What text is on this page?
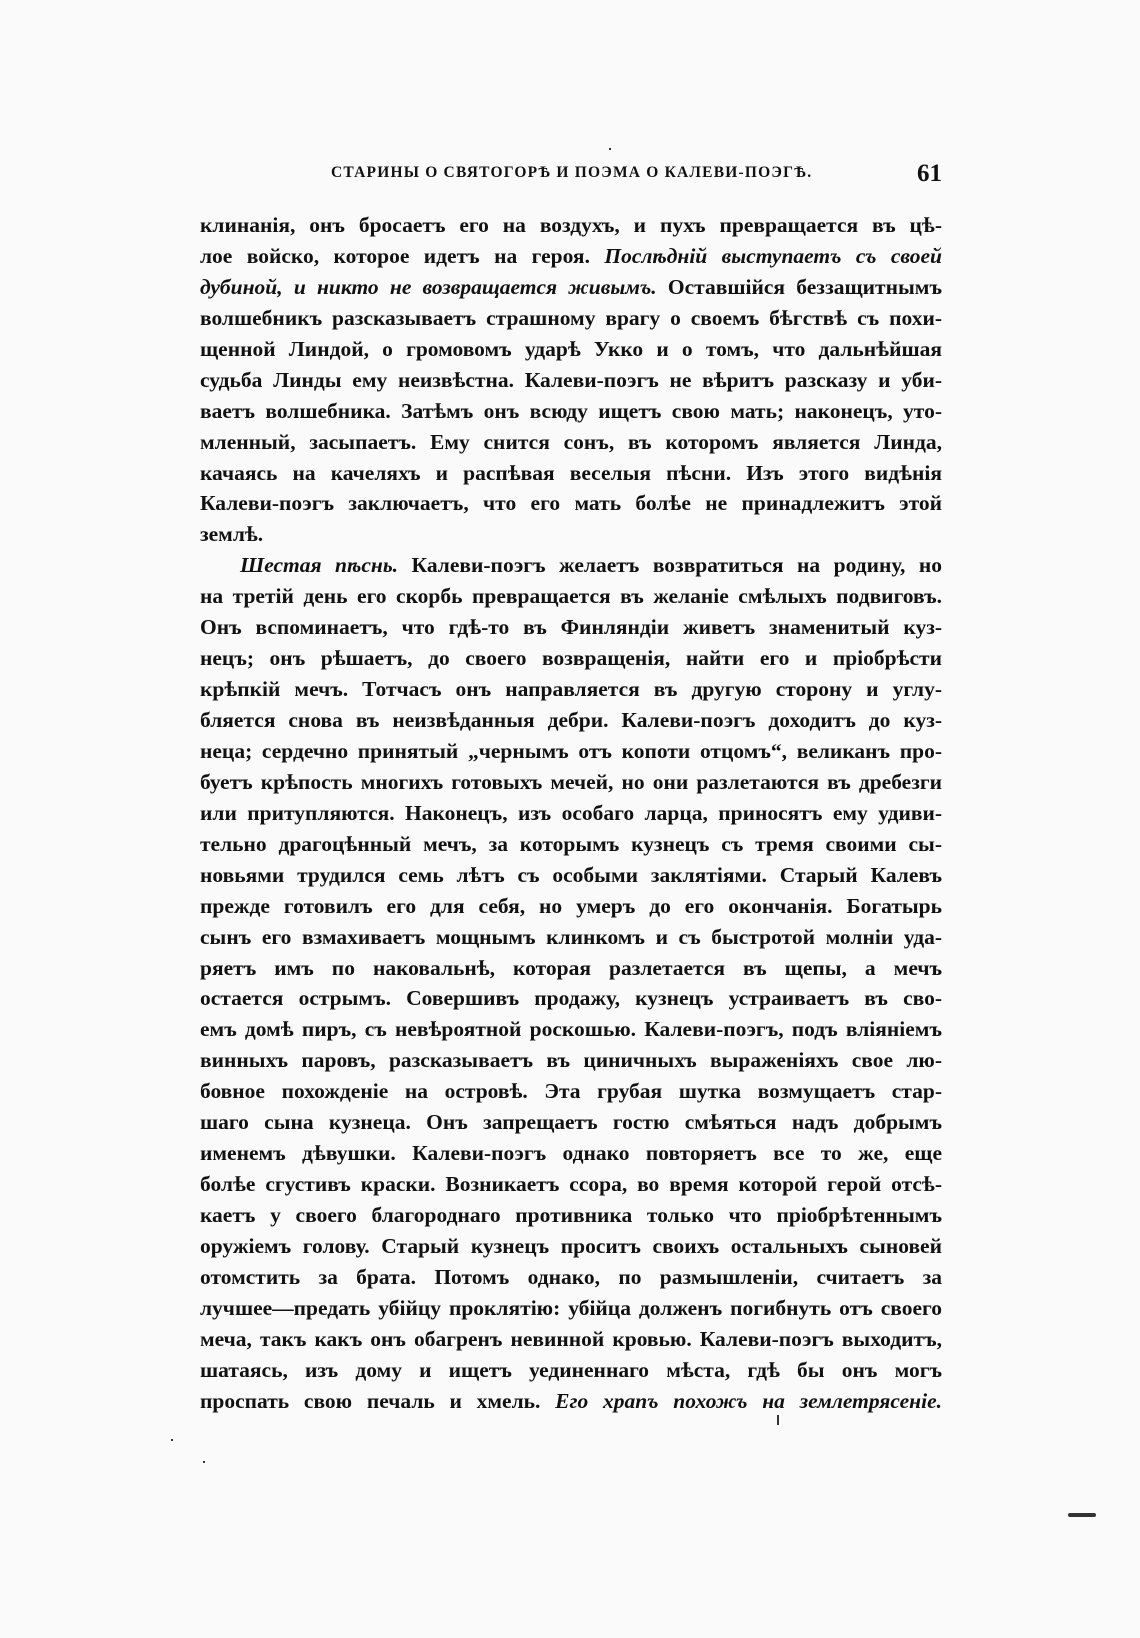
СТАРИНЫ О СВЯТОГОРѢ И ПОЭМА О КАЛЕВИ-ПОЭГѢ.	61
клинанія, онъ бросаетъ его на воздухъ, и пухъ превращается въ цѣ-
лое войско, которое идетъ на героя. Послѣдній выступаетъ съ своей
дубиной, и никто не возвращается живымъ. Оставшійся беззащитнымъ
волшебникъ разсказываетъ страшному врагу о своемъ бѣгствѣ съ похи-
щенной Линдой, о громовомъ ударѣ Укко и о томъ, что дальнѣйшая
судьба Линды ему неизвѣстна. Калеви-поэгъ не вѣритъ разсказу и уби-
ваетъ волшебника. Затѣмъ онъ всюду ищетъ свою мать; наконецъ, уто-
мленный, засыпаетъ. Ему снится сонъ, въ которомъ является Линда,
качаясь на качеляхъ и распѣвая веселыя пѣсни. Изъ этого видѣнія
Калеви-поэгъ заключаетъ, что его мать болѣе не принадлежитъ этой
землѣ.
Шестая пѣснь. Калеви-поэгъ желаетъ возвратиться на родину, но
на третій день его скорбь превращается въ желаніе смѣлыхъ подвиговъ.
Онъ вспоминаетъ, что гдѣ-то въ Финляндіи живетъ знаменитый куз-
нецъ; онъ рѣшаетъ, до своего возвращенія, найти его и пріобрѣсти
крѣпкій мечъ. Тотчасъ онъ направляется въ другую сторону и углу-
бляется снова въ неизвѣданныя дебри. Калеви-поэгъ доходитъ до куз-
неца; сердечно принятый „чернымъ отъ копоти отцомъ“, великанъ про-
буетъ крѣпость многихъ готовыхъ мечей, но они разлетаются въ дребезги
или притупляются. Наконецъ, изъ особаго ларца, приносятъ ему удиви-
тельно драгоцѣнный мечъ, за которымъ кузнецъ съ тремя своими сы-
новьями трудился семь лѣтъ съ особыми заклятіями. Старый Калевъ
прежде готовилъ его для себя, но умеръ до его окончанія. Богатырь
сынъ его взмахиваетъ мощнымъ клинкомъ и съ быстротой молніи уда-
ряетъ имъ по наковальнѣ, которая разлетается въ щепы, а мечъ
остается острымъ. Совершивъ продажу, кузнецъ устраиваетъ въ сво-
емъ домѣ пиръ, съ невѣроятной роскошью. Калеви-поэгъ, подъ вліяніемъ
винныхъ паровъ, разсказываетъ въ циничныхъ выраженіяхъ свое лю-
бовное похожденіе на островѣ. Эта грубая шутка возмущаетъ стар-
шаго сына кузнеца. Онъ запрещаетъ гостю смѣяться надъ добрымъ
именемъ дѣвушки. Калеви-поэгъ однако повторяетъ все то же, еще
болѣе сгустивъ краски. Возникаетъ ссора, во время которой герой отсѣ-
каетъ у своего благороднаго противника только что пріобрѣтеннымъ
оружіемъ голову. Старый кузнецъ проситъ своихъ остальныхъ сыновей
отомстить за брата. Потомъ однако, по размышленіи, считаетъ за
лучшее—предать убійцу проклятію: убійца долженъ погибнуть отъ своего
меча, такъ какъ онъ обагренъ невинной кровью. Калеви-поэгъ выходитъ,
шатаясь, изъ дому и ищетъ уединеннаго мѣста, гдѣ бы онъ могъ
проспать свою печаль и хмель. Его храпъ похожъ на землетрясеніе.
